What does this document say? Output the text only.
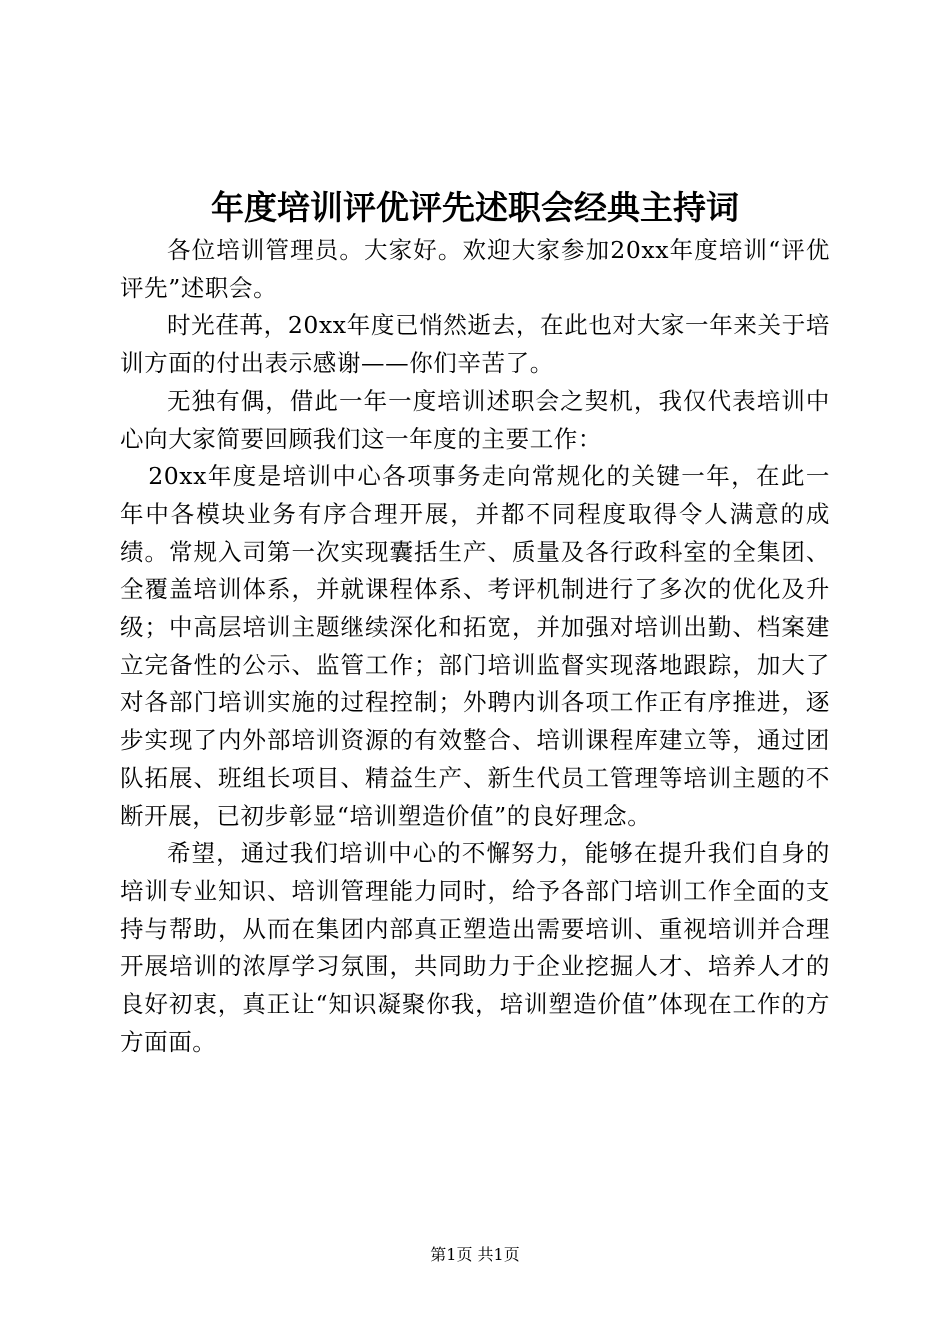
年度培训评优评先述职会经典主持词

各位培训管理员。大家好。欢迎大家参加20xx年度培训“评优评先”述职会。

时光荏苒，20xx年度已悄然逝去，在此也对大家一年来关于培训方面的付出表示感谢——你们辛苦了。

无独有偶，借此一年一度培训述职会之契机，我仅代表培训中心向大家简要回顾我们这一年度的主要工作：

20xx年度是培训中心各项事务走向常规化的关键一年，在此一年中各模块业务有序合理开展，并都不同程度取得令人满意的成绩。常规入司第一次实现囊括生产、质量及各行政科室的全集团、全覆盖培训体系，并就课程体系、考评机制进行了多次的优化及升级；中高层培训主题继续深化和拓宽，并加强对培训出勤、档案建立完备性的公示、监管工作；部门培训监督实现落地跟踪，加大了对各部门培训实施的过程控制；外聘内训各项工作正有序推进，逐步实现了内外部培训资源的有效整合、培训课程库建立等，通过团队拓展、班组长项目、精益生产、新生代员工管理等培训主题的不断开展，已初步彰显“培训塑造价值”的良好理念。

希望，通过我们培训中心的不懈努力，能够在提升我们自身的培训专业知识、培训管理能力同时，给予各部门培训工作全面的支持与帮助，从而在集团内部真正塑造出需要培训、重视培训并合理开展培训的浓厚学习氛围，共同助力于企业挖掘人才、培养人才的良好初衷，真正让“知识凝聚你我，培训塑造价值”体现在工作的方方面面。

第1页 共1页
